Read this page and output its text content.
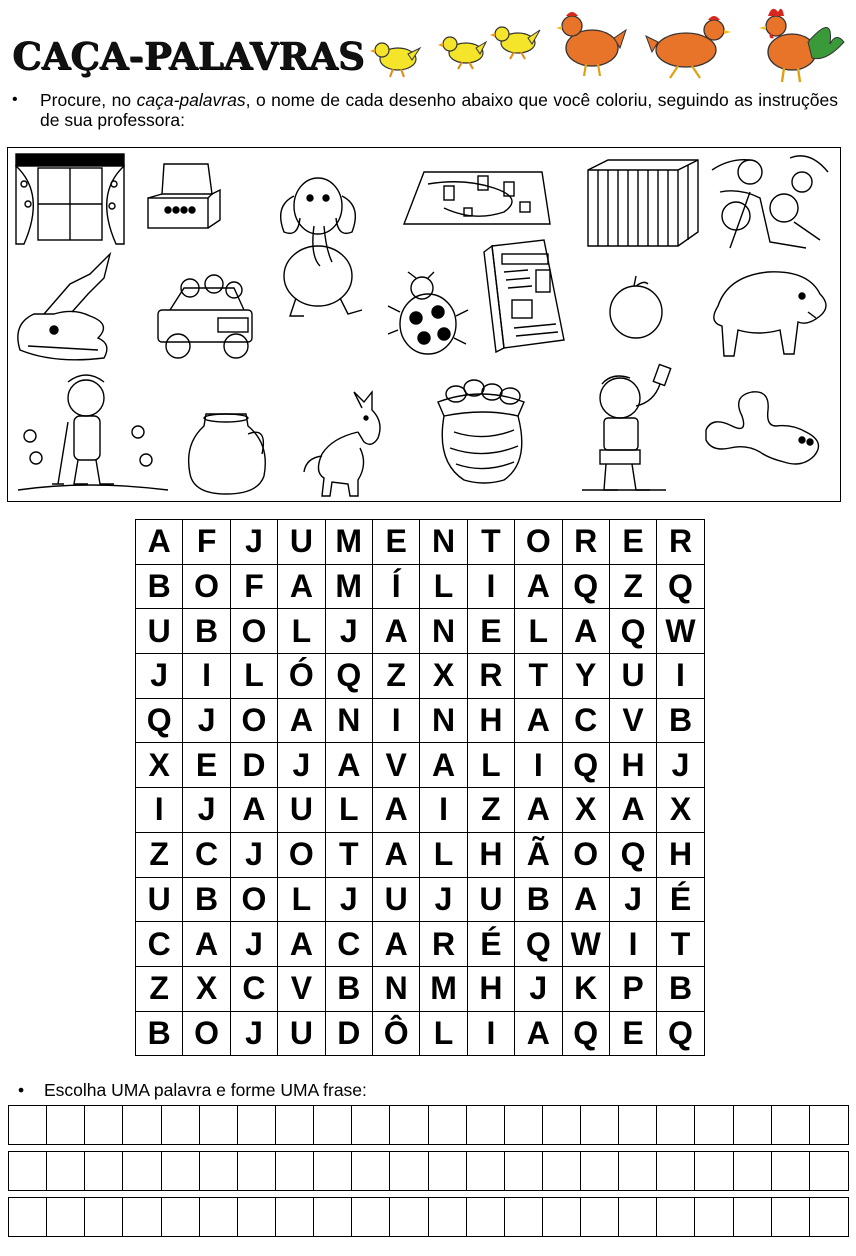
CAÇA-PALAVRAS
• Procure, no caça-palavras, o nome de cada desenho abaixo que você coloriu, seguindo as instruções de sua professora:
A	F	J	U	M	E	N	T	O	R	E	R
B	O	F	A	M	Í	L	I	A	Q	Z	Q
U	B	O	L	J	A	N	E	L	A	Q	W
J	I	L	Ó	Q	Z	X	R	T	Y	U	I
Q	J	O	A	N	I	N	H	A	C	V	B
X	E	D	J	A	V	A	L	I	Q	H	J
I	J	A	U	L	A	I	Z	A	X	A	X
Z	C	J	O	T	A	L	H	Ã	O	Q	H
U	B	O	L	J	U	J	U	B	A	J	É
C	A	J	A	C	A	R	É	Q	W	I	T
Z	X	C	V	B	N	M	H	J	K	P	B
B	O	J	U	D	Ô	L	I	A	Q	E	Q
• Escolha UMA palavra e forme UMA frase:
